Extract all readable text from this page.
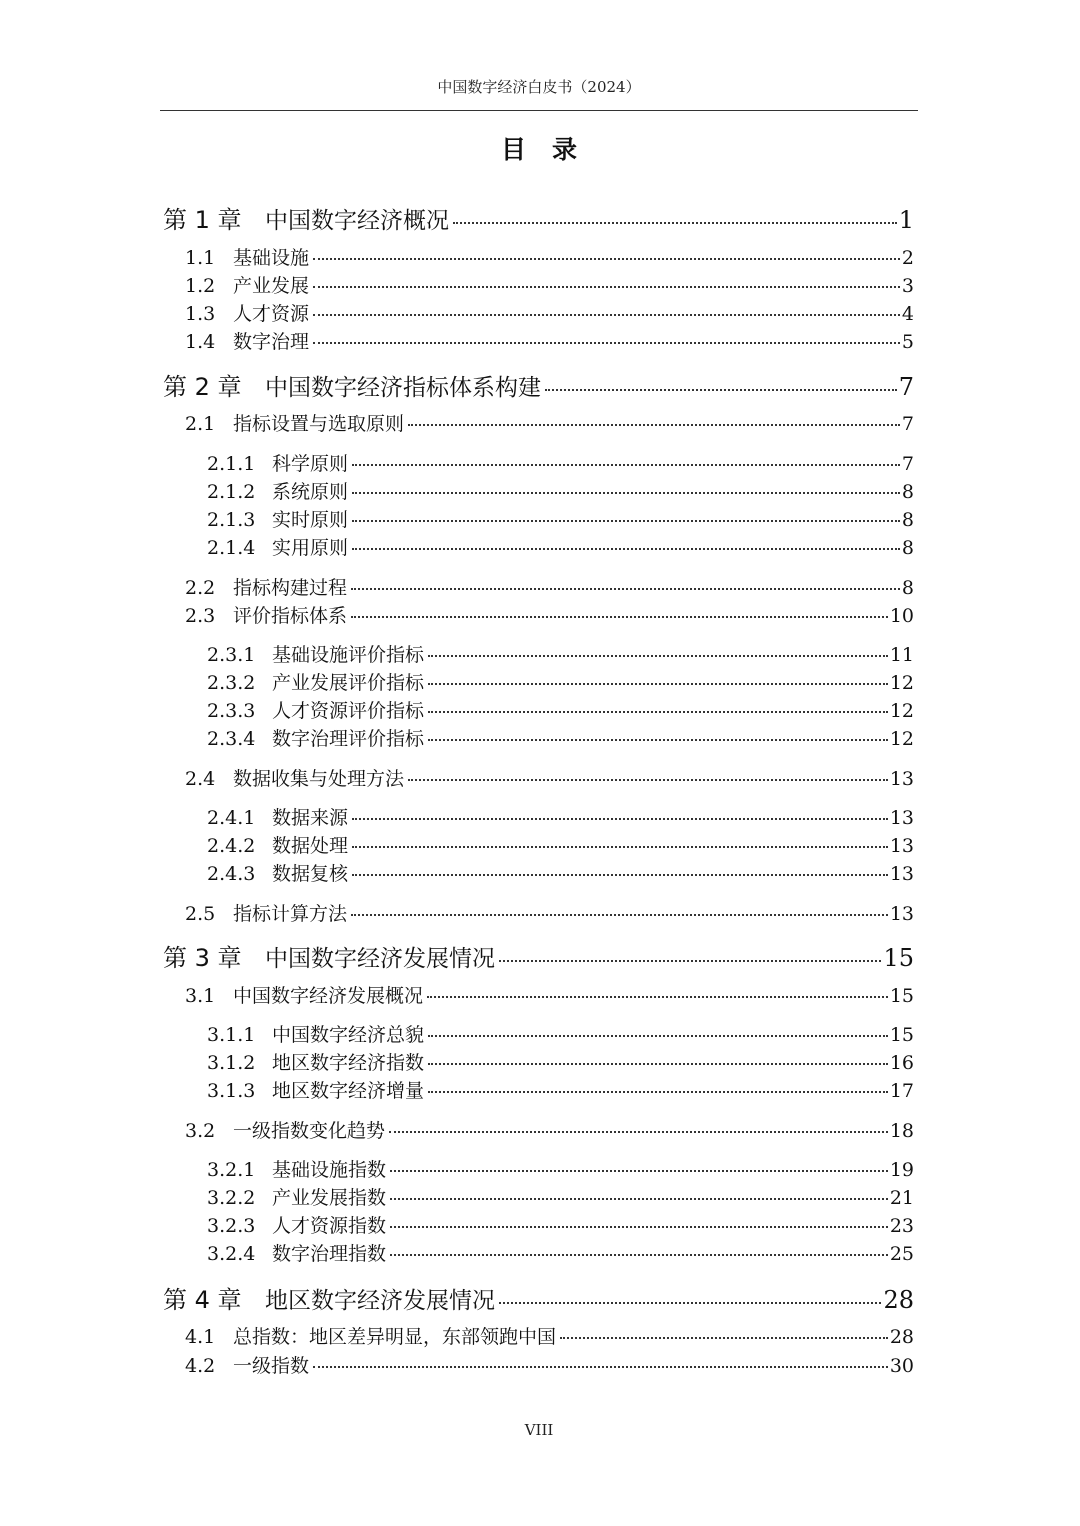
中国数字经济白皮书（2024）
目录
第 1 章	中国数字经济概况	1
1.1 基础设施	2
1.2 产业发展	3
1.3 人才资源	4
1.4 数字治理	5
第 2 章	中国数字经济指标体系构建	7
2.1 指标设置与选取原则	7
2.1.1 科学原则	7
2.1.2 系统原则	8
2.1.3 实时原则	8
2.1.4 实用原则	8
2.2 指标构建过程	8
2.3 评价指标体系	10
2.3.1 基础设施评价指标	11
2.3.2 产业发展评价指标	12
2.3.3 人才资源评价指标	12
2.3.4 数字治理评价指标	12
2.4 数据收集与处理方法	13
2.4.1 数据来源	13
2.4.2 数据处理	13
2.4.3 数据复核	13
2.5 指标计算方法	13
第 3 章	中国数字经济发展情况	15
3.1 中国数字经济发展概况	15
3.1.1 中国数字经济总貌	15
3.1.2 地区数字经济指数	16
3.1.3 地区数字经济增量	17
3.2 一级指数变化趋势	18
3.2.1 基础设施指数	19
3.2.2 产业发展指数	21
3.2.3 人才资源指数	23
3.2.4 数字治理指数	25
第 4 章	地区数字经济发展情况	28
4.1 总指数：地区差异明显，东部领跑中国	28
4.2 一级指数	30
VIII
